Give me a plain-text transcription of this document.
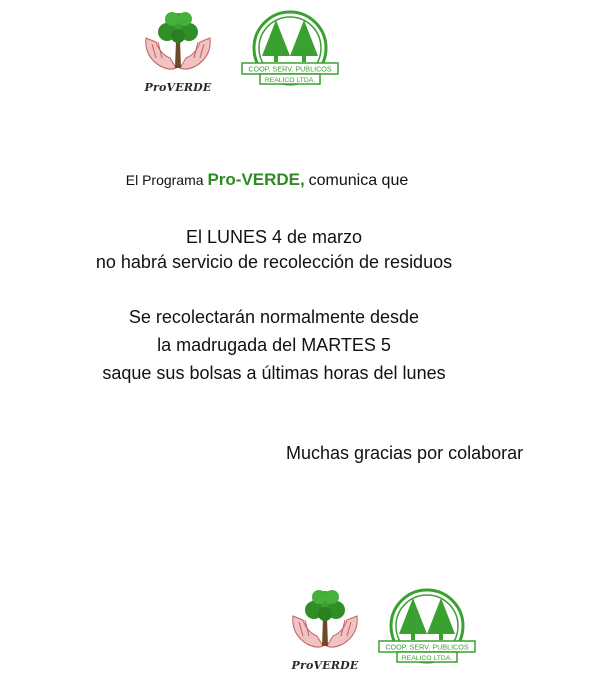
ProVERDE
COOP. SERV. PUBLICOS
REALICO LTDA.
El Programa Pro-VERDE, comunica que
El LUNES 4 de marzo
no habrá servicio de recolección de residuos
Se recolectarán normalmente desde
la madrugada del MARTES 5
saque sus bolsas a últimas horas del lunes
Muchas gracias por colaborar
ProVERDE
COOP. SERV. PUBLICOS
REALICO LTDA.
